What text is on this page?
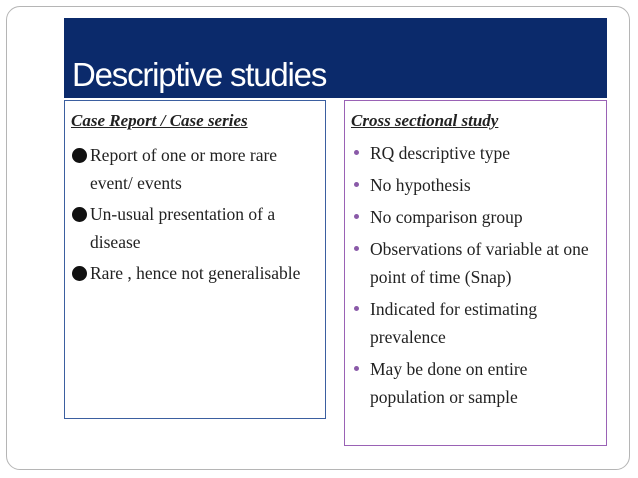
Descriptive studies
Case Report / Case series
Report of one or more rare event/ events
Un-usual presentation of a disease
Rare , hence not generalisable
Cross sectional study
RQ descriptive type
No hypothesis
No comparison group
Observations of variable at one point of time (Snap)
Indicated for estimating prevalence
May be done on entire population or sample
